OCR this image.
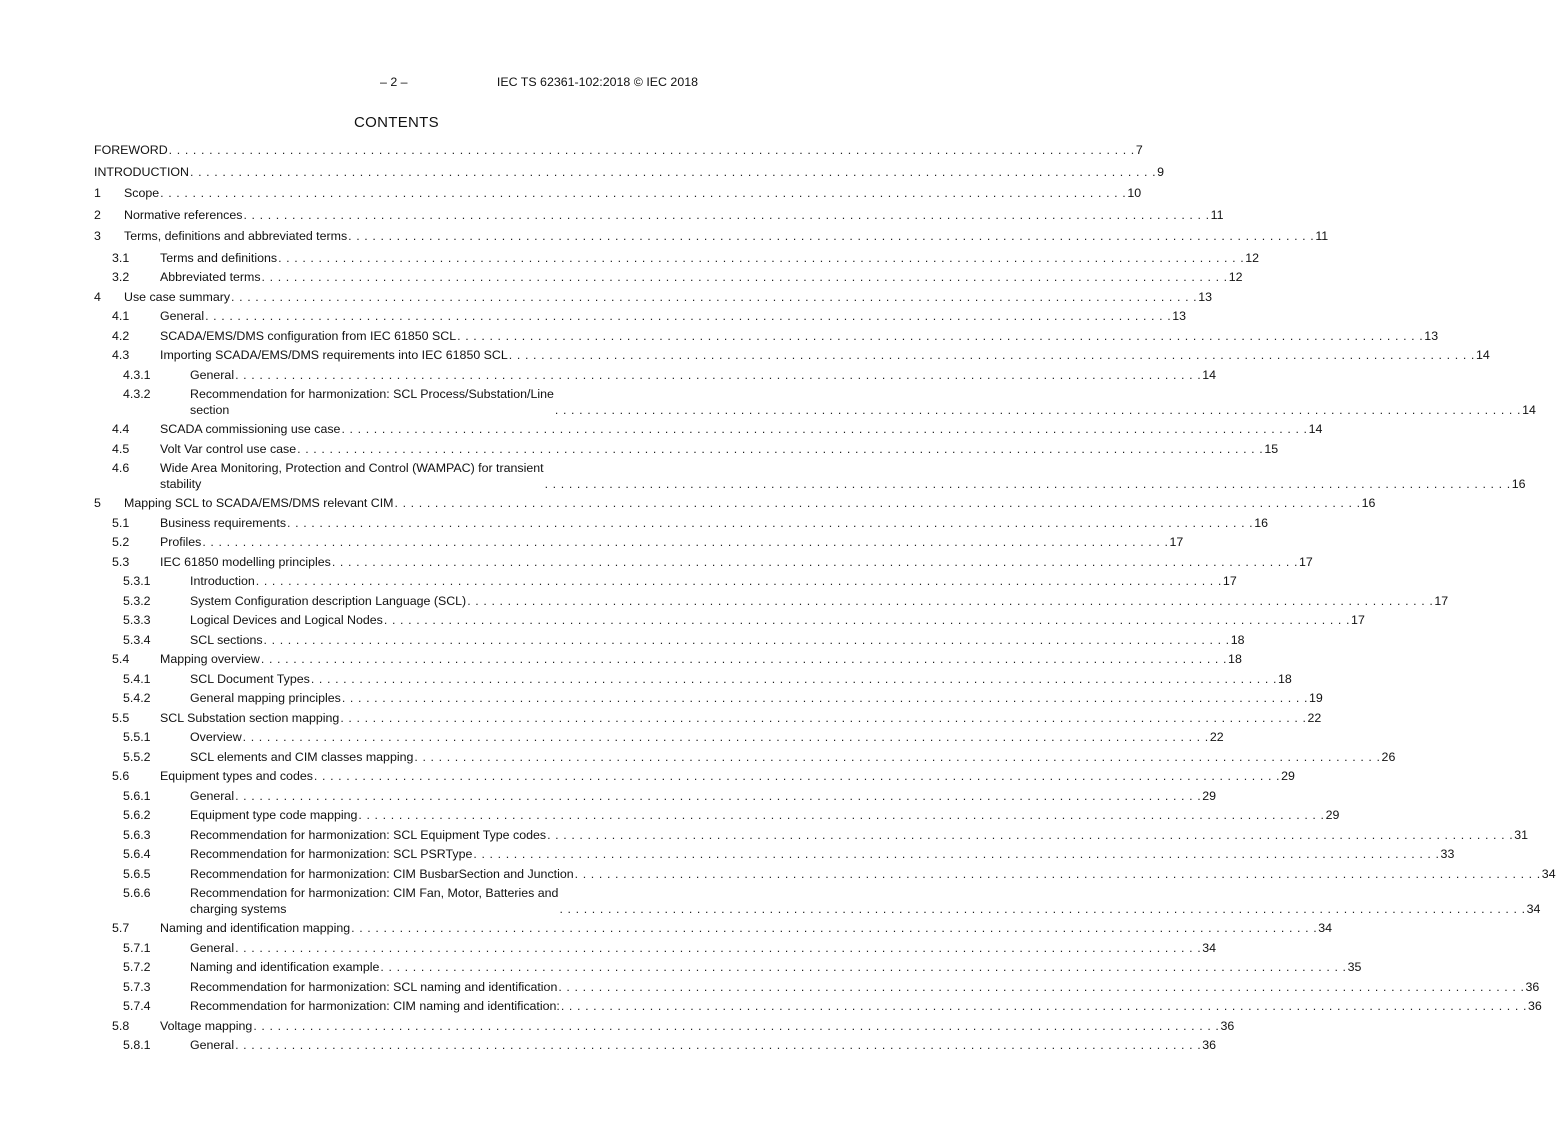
– 2 –	IEC TS 62361-102:2018 © IEC 2018
CONTENTS
FOREWORD . . . . . . . . . . . . . . . . . . . . . . . . . . . . . . . . . . . . . . . . . . . . . . . . . . . . . . . . . . . . . . . . . . . . . . . . . . . . . . . . . . . . . . . . . . . . . . . . . . . . . . . . . . . . . . . . . . . . . . . . 7
INTRODUCTION . . . . . . . . . . . . . . . . . . . . . . . . . . . . . . . . . . . . . . . . . . . . . . . . . . . . . . . . . . . . . . . . . . . . . . . . . . . . . . . . . . . . . . . . . . . . . . . . . . . . . . . . . . . . . . . . . . . . . . . . 9
1 Scope . . . . . . . . . . . . . . . . . . . . . . . . . . . . . . . . . . . . . . . . . . . . . . . . . . . . . . . . . . . . . . . . . . . . . . . . . . . . . . . . . . . . . . . . . . . . . . . . . . . . . . . . . . . . . . . . . . . . . . . . 10
2 Normative references . . . . . . . . . . . . . . . . . . . . . . . . . . . . . . . . . . . . . . . . . . . . . . . . . . . . . . . . . . . . . . . . . . . . . . . . . . . . . . . . . . . . . . . . . . . . . . . . . . . . . . . . . . . . . . . . . . . . . . . . 11
3 Terms, definitions and abbreviated terms . . . . . . . . . . . . . . . . . . . . . . . . . . . . . . . . . . . . . . . . . . . . . . . . . . . . . . . . . . . . . . . . . . . . . . . . . . . . . . . . . . . . . . . . . . . . . . . . . . . . . . . . . . . . . . . . . . . . . . . . 11
3.1 Terms and definitions . . . . . . . . . . . . . . . . . . . . . . . . . . . . . . . . . . . . . . . . . . . . . . . . . . . . . . . . . . . . . . . . . . . . . . . . . . . . . . . . . . . . . . . . . . . . . . . . . . . . . . . . . . . . . . . . . . . . . . . . 12
3.2 Abbreviated terms . . . . . . . . . . . . . . . . . . . . . . . . . . . . . . . . . . . . . . . . . . . . . . . . . . . . . . . . . . . . . . . . . . . . . . . . . . . . . . . . . . . . . . . . . . . . . . . . . . . . . . . . . . . . . . . . . . . . . . . . 12
4 Use case summary . . . . . . . . . . . . . . . . . . . . . . . . . . . . . . . . . . . . . . . . . . . . . . . . . . . . . . . . . . . . . . . . . . . . . . . . . . . . . . . . . . . . . . . . . . . . . . . . . . . . . . . . . . . . . . . . . . . . . . . . 13
4.1 General . . . . . . . . . . . . . . . . . . . . . . . . . . . . . . . . . . . . . . . . . . . . . . . . . . . . . . . . . . . . . . . . . . . . . . . . . . . . . . . . . . . . . . . . . . . . . . . . . . . . . . . . . . . . . . . . . . . . . . . . 13
4.2 SCADA/EMS/DMS configuration from IEC 61850 SCL . . . . . . . . . . . . . . . . . . . . . . . . . . . . . . . . . . . . . . . . . . . . . . . . . . . . . . . . . . . . . . . . . . . . . . . . . . . . . . . . . . . . . . . . . . . . . . . . . . . . . . . . . . . . . . . . . . . . . . . . 13
4.3 Importing SCADA/EMS/DMS requirements into IEC 61850 SCL . . . . . . . . . . . . . . . . . . . . . . . . . . . . . . . . . . . . . . . . . . . . . . . . . . . . . . . . . . . . . . . . . . . . . . . . . . . . . . . . . . . . . . . . . . . . . . . . . . . . . . . . . . . . . . . . . . . . . . . . 14
4.3.1	General . . . . . . . . . . . . . . . . . . . . . . . . . . . . . . . . . . . . . . . . . . . . . . . . . . . . . . . . . . . . . . . . . . . . . . . . . . . . . . . . . . . . . . . . . . . . . . . . . . . . . . . . . . . . . . . . . . . . . . . . 14
4.3.2	Recommendation for harmonization: SCL Process/Substation/Line
section	. . . . . . . . . . . . . . . . . . . . . . . . . . . . . . . . . . . . . . . . . . . . . . . . . . . . . . . . . . . . . . . . . . . . . . . . . . . . . . . . . . . . . . . . . . . . . . . . . . . . . . . . . . . . . . . . . . . . . . . . 14
4.4 SCADA commissioning use case . . . . . . . . . . . . . . . . . . . . . . . . . . . . . . . . . . . . . . . . . . . . . . . . . . . . . . . . . . . . . . . . . . . . . . . . . . . . . . . . . . . . . . . . . . . . . . . . . . . . . . . . . . . . . . . . . . . . . . . . 14
4.5 Volt Var control use case . . . . . . . . . . . . . . . . . . . . . . . . . . . . . . . . . . . . . . . . . . . . . . . . . . . . . . . . . . . . . . . . . . . . . . . . . . . . . . . . . . . . . . . . . . . . . . . . . . . . . . . . . . . . . . . . . . . . . . . . 15
4.6 Wide Area Monitoring, Protection and Control (WAMPAC) for transient
stability	. . . . . . . . . . . . . . . . . . . . . . . . . . . . . . . . . . . . . . . . . . . . . . . . . . . . . . . . . . . . . . . . . . . . . . . . . . . . . . . . . . . . . . . . . . . . . . . . . . . . . . . . . . . . . . . . . . . . . . . . 16
5 Mapping SCL to SCADA/EMS/DMS relevant CIM . . . . . . . . . . . . . . . . . . . . . . . . . . . . . . . . . . . . . . . . . . . . . . . . . . . . . . . . . . . . . . . . . . . . . . . . . . . . . . . . . . . . . . . . . . . . . . . . . . . . . . . . . . . . . . . . . . . . . . . . 16
5.1 Business requirements . . . . . . . . . . . . . . . . . . . . . . . . . . . . . . . . . . . . . . . . . . . . . . . . . . . . . . . . . . . . . . . . . . . . . . . . . . . . . . . . . . . . . . . . . . . . . . . . . . . . . . . . . . . . . . . . . . . . . . . . 16
5.2 Profiles . . . . . . . . . . . . . . . . . . . . . . . . . . . . . . . . . . . . . . . . . . . . . . . . . . . . . . . . . . . . . . . . . . . . . . . . . . . . . . . . . . . . . . . . . . . . . . . . . . . . . . . . . . . . . . . . . . . . . . . . 17
5.3 IEC 61850 modelling principles . . . . . . . . . . . . . . . . . . . . . . . . . . . . . . . . . . . . . . . . . . . . . . . . . . . . . . . . . . . . . . . . . . . . . . . . . . . . . . . . . . . . . . . . . . . . . . . . . . . . . . . . . . . . . . . . . . . . . . . . 17
5.3.1	Introduction . . . . . . . . . . . . . . . . . . . . . . . . . . . . . . . . . . . . . . . . . . . . . . . . . . . . . . . . . . . . . . . . . . . . . . . . . . . . . . . . . . . . . . . . . . . . . . . . . . . . . . . . . . . . . . . . . . . . . . . . 17
5.3.2	System Configuration description Language (SCL) . . . . . . . . . . . . . . . . . . . . . . . . . . . . . . . . . . . . . . . . . . . . . . . . . . . . . . . . . . . . . . . . . . . . . . . . . . . . . . . . . . . . . . . . . . . . . . . . . . . . . . . . . . . . . . . . . . . . . . . . 17
5.3.3	Logical Devices and Logical Nodes . . . . . . . . . . . . . . . . . . . . . . . . . . . . . . . . . . . . . . . . . . . . . . . . . . . . . . . . . . . . . . . . . . . . . . . . . . . . . . . . . . . . . . . . . . . . . . . . . . . . . . . . . . . . . . . . . . . . . . . . 17
5.3.4	SCL sections . . . . . . . . . . . . . . . . . . . . . . . . . . . . . . . . . . . . . . . . . . . . . . . . . . . . . . . . . . . . . . . . . . . . . . . . . . . . . . . . . . . . . . . . . . . . . . . . . . . . . . . . . . . . . . . . . . . . . . . . 18
5.4 Mapping overview . . . . . . . . . . . . . . . . . . . . . . . . . . . . . . . . . . . . . . . . . . . . . . . . . . . . . . . . . . . . . . . . . . . . . . . . . . . . . . . . . . . . . . . . . . . . . . . . . . . . . . . . . . . . . . . . . . . . . . . . 18
5.4.1	SCL Document Types . . . . . . . . . . . . . . . . . . . . . . . . . . . . . . . . . . . . . . . . . . . . . . . . . . . . . . . . . . . . . . . . . . . . . . . . . . . . . . . . . . . . . . . . . . . . . . . . . . . . . . . . . . . . . . . . . . . . . . . . 18
5.4.2	General mapping principles . . . . . . . . . . . . . . . . . . . . . . . . . . . . . . . . . . . . . . . . . . . . . . . . . . . . . . . . . . . . . . . . . . . . . . . . . . . . . . . . . . . . . . . . . . . . . . . . . . . . . . . . . . . . . . . . . . . . . . . . 19
5.5 SCL Substation section mapping . . . . . . . . . . . . . . . . . . . . . . . . . . . . . . . . . . . . . . . . . . . . . . . . . . . . . . . . . . . . . . . . . . . . . . . . . . . . . . . . . . . . . . . . . . . . . . . . . . . . . . . . . . . . . . . . . . . . . . . . 22
5.5.1	Overview . . . . . . . . . . . . . . . . . . . . . . . . . . . . . . . . . . . . . . . . . . . . . . . . . . . . . . . . . . . . . . . . . . . . . . . . . . . . . . . . . . . . . . . . . . . . . . . . . . . . . . . . . . . . . . . . . . . . . . . . 22
5.5.2	SCL elements and CIM classes mapping . . . . . . . . . . . . . . . . . . . . . . . . . . . . . . . . . . . . . . . . . . . . . . . . . . . . . . . . . . . . . . . . . . . . . . . . . . . . . . . . . . . . . . . . . . . . . . . . . . . . . . . . . . . . . . . . . . . . . . . . 26
5.6 Equipment types and codes . . . . . . . . . . . . . . . . . . . . . . . . . . . . . . . . . . . . . . . . . . . . . . . . . . . . . . . . . . . . . . . . . . . . . . . . . . . . . . . . . . . . . . . . . . . . . . . . . . . . . . . . . . . . . . . . . . . . . . . . 29
5.6.1	General . . . . . . . . . . . . . . . . . . . . . . . . . . . . . . . . . . . . . . . . . . . . . . . . . . . . . . . . . . . . . . . . . . . . . . . . . . . . . . . . . . . . . . . . . . . . . . . . . . . . . . . . . . . . . . . . . . . . . . . . 29
5.6.2	Equipment type code mapping . . . . . . . . . . . . . . . . . . . . . . . . . . . . . . . . . . . . . . . . . . . . . . . . . . . . . . . . . . . . . . . . . . . . . . . . . . . . . . . . . . . . . . . . . . . . . . . . . . . . . . . . . . . . . . . . . . . . . . . . 29
5.6.3	Recommendation for harmonization: SCL Equipment Type codes . . . . . . . . . . . . . . . . . . . . . . . . . . . . . . . . . . . . . . . . . . . . . . . . . . . . . . . . . . . . . . . . . . . . . . . . . . . . . . . . . . . . . . . . . . . . . . . . . . . . . . . . . . . . . . . . . . . . . . . . 31
5.6.4	Recommendation for harmonization: SCL PSRType . . . . . . . . . . . . . . . . . . . . . . . . . . . . . . . . . . . . . . . . . . . . . . . . . . . . . . . . . . . . . . . . . . . . . . . . . . . . . . . . . . . . . . . . . . . . . . . . . . . . . . . . . . . . . . . . . . . . . . . . 33
5.6.5	Recommendation for harmonization: CIM BusbarSection and Junction . . . . . . . . . . . . . . . . . . . . . . . . . . . . . . . . . . . . . . . . . . . . . . . . . . . . . . . . . . . . . . . . . . . . . . . . . . . . . . . . . . . . . . . . . . . . . . . . . . . . . . . . . . . . . . . . . . . . . . . . 34
5.6.6	Recommendation for harmonization: CIM Fan, Motor, Batteries and
charging systems	. . . . . . . . . . . . . . . . . . . . . . . . . . . . . . . . . . . . . . . . . . . . . . . . . . . . . . . . . . . . . . . . . . . . . . . . . . . . . . . . . . . . . . . . . . . . . . . . . . . . . . . . . . . . . . . . . . . . . . . . 34
5.7 Naming and identification mapping . . . . . . . . . . . . . . . . . . . . . . . . . . . . . . . . . . . . . . . . . . . . . . . . . . . . . . . . . . . . . . . . . . . . . . . . . . . . . . . . . . . . . . . . . . . . . . . . . . . . . . . . . . . . . . . . . . . . . . . . 34
5.7.1	General . . . . . . . . . . . . . . . . . . . . . . . . . . . . . . . . . . . . . . . . . . . . . . . . . . . . . . . . . . . . . . . . . . . . . . . . . . . . . . . . . . . . . . . . . . . . . . . . . . . . . . . . . . . . . . . . . . . . . . . . 34
5.7.2	Naming and identification example . . . . . . . . . . . . . . . . . . . . . . . . . . . . . . . . . . . . . . . . . . . . . . . . . . . . . . . . . . . . . . . . . . . . . . . . . . . . . . . . . . . . . . . . . . . . . . . . . . . . . . . . . . . . . . . . . . . . . . . . 35
5.7.3	Recommendation for harmonization: SCL naming and identification . . . . . . . . . . . . . . . . . . . . . . . . . . . . . . . . . . . . . . . . . . . . . . . . . . . . . . . . . . . . . . . . . . . . . . . . . . . . . . . . . . . . . . . . . . . . . . . . . . . . . . . . . . . . . . . . . . . . . . . . 36
5.7.4	Recommendation for harmonization: CIM naming and identification: . . . . . . . . . . . . . . . . . . . . . . . . . . . . . . . . . . . . . . . . . . . . . . . . . . . . . . . . . . . . . . . . . . . . . . . . . . . . . . . . . . . . . . . . . . . . . . . . . . . . . . . . . . . . . . . . . . . . . . . . 36
5.8 Voltage mapping . . . . . . . . . . . . . . . . . . . . . . . . . . . . . . . . . . . . . . . . . . . . . . . . . . . . . . . . . . . . . . . . . . . . . . . . . . . . . . . . . . . . . . . . . . . . . . . . . . . . . . . . . . . . . . . . . . . . . . . . 36
5.8.1	General . . . . . . . . . . . . . . . . . . . . . . . . . . . . . . . . . . . . . . . . . . . . . . . . . . . . . . . . . . . . . . . . . . . . . . . . . . . . . . . . . . . . . . . . . . . . . . . . . . . . . . . . . . . . . . . . . . . . . . . . 36
